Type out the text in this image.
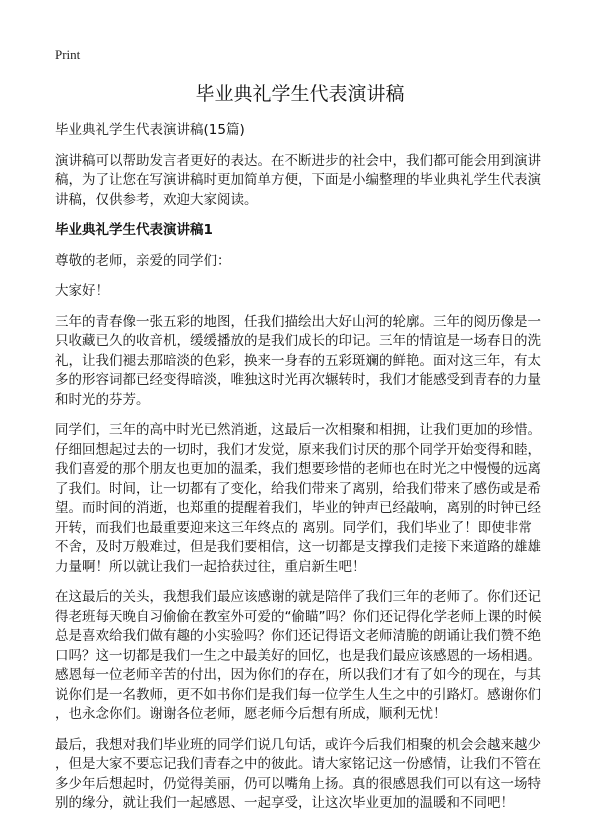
Print
毕业典礼学生代表演讲稿
毕业典礼学生代表演讲稿(15篇)
演讲稿可以帮助发言者更好的表达。在不断进步的社会中，我们都可能会用到演讲
稿，为了让您在写演讲稿时更加简单方便，下面是小编整理的毕业典礼学生代表演
讲稿，仅供参考，欢迎大家阅读。
毕业典礼学生代表演讲稿1
尊敬的老师，亲爱的同学们：
大家好！
三年的青春像一张五彩的地图，任我们描绘出大好山河的轮廓。三年的阅历像是一
只收藏已久的收音机，缓缓播放的是我们成长的印记。三年的情谊是一场春日的洗
礼，让我们褪去那暗淡的色彩，换来一身春的五彩斑斓的鲜艳。面对这三年，有太
多的形容词都已经变得暗淡，唯独这时光再次辗转时，我们才能感受到青春的力量
和时光的芬芳。
同学们，三年的高中时光已然消逝，这最后一次相聚和相拥，让我们更加的珍惜。
仔细回想起过去的一切时，我们才发觉，原来我们讨厌的那个同学开始变得和睦，
我们喜爱的那个朋友也更加的温柔，我们想要珍惜的老师也在时光之中慢慢的远离
了我们。时间，让一切都有了变化，给我们带来了离别，给我们带来了感伤或是希
望。而时间的消逝，也郑重的提醒着我们，毕业的钟声已经敲响，离别的时钟已经
开转，而我们也最重要迎来这三年终点的 离别。同学们，我们毕业了！即使非常
不舍，及时万般难过，但是我们要相信，这一切都是支撑我们走接下来道路的雄雄
力量啊！所以就让我们一起拾获过往，重启新生吧！
在这最后的关头，我想我们最应该感谢的就是陪伴了我们三年的老师了。你们还记
得老班每天晚自习偷偷在教室外可爱的“偷瞄”吗？你们还记得化学老师上课的时候
总是喜欢给我们做有趣的小实验吗？你们还记得语文老师清脆的朗诵让我们赞不绝
口吗？这一切都是我们一生之中最美好的回忆，也是我们最应该感恩的一场相遇。
感恩每一位老师辛苦的付出，因为你们的存在，所以我们才有了如今的现在，与其
说你们是一名教师，更不如书你们是我们每一位学生人生之中的引路灯。感谢你们
，也永念你们。谢谢各位老师，愿老师今后想有所成，顺利无忧！
最后，我想对我们毕业班的同学们说几句话，或许今后我们相聚的机会会越来越少
，但是大家不要忘记我们青春之中的彼此。请大家铭记这一份感情，让我们不管在
多少年后想起时，仍觉得美丽，仍可以嘴角上扬。真的很感恩我们可以有这一场特
别的缘分，就让我们一起感恩、一起享受，让这次毕业更加的温暖和不同吧！
